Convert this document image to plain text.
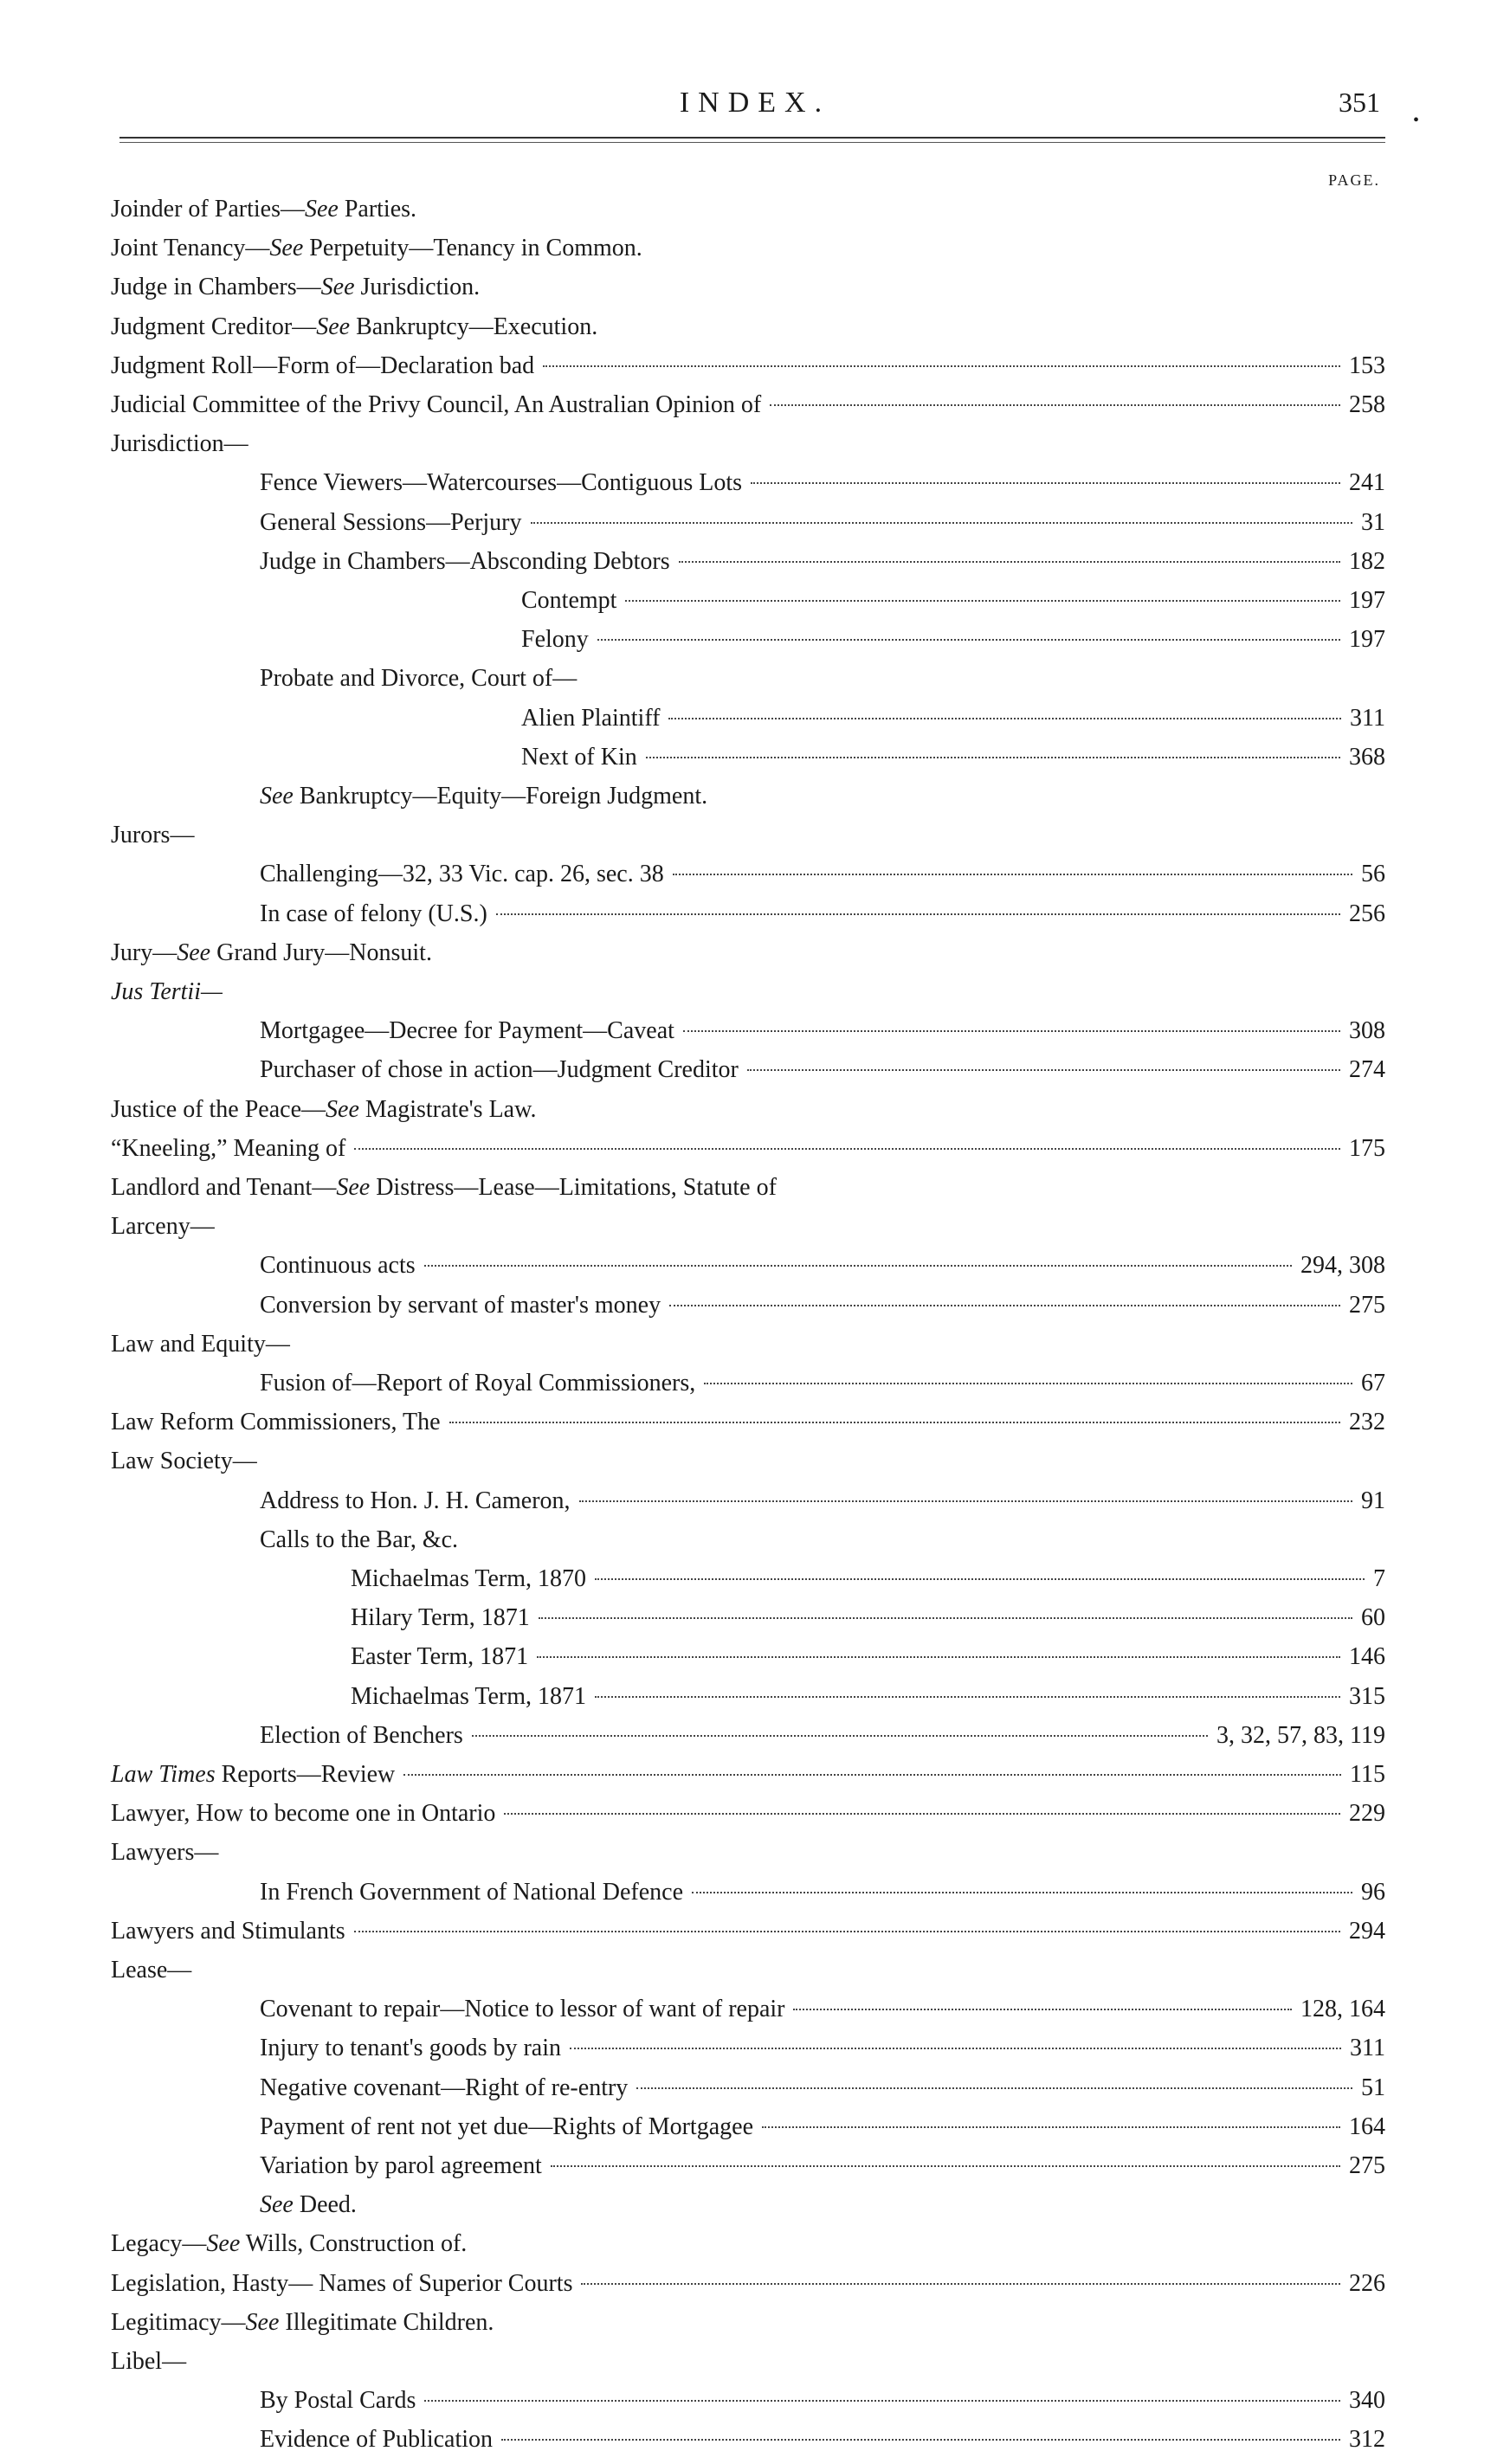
INDEX.	351
•
PAGE.
Joinder of Parties—See Parties.
Joint Tenancy—See Perpetuity—Tenancy in Common.
Judge in Chambers—See Jurisdiction.
Judgment Creditor—See Bankruptcy—Execution.
Judgment Roll—Form of—Declaration bad	153
Judicial Committee of the Privy Council, An Australian Opinion of	258
Jurisdiction—
Fence Viewers—Watercourses—Contiguous Lots	241
General Sessions—Perjury	31
Judge in Chambers—Absconding Debtors	182
Contempt	197
Felony	197
Probate and Divorce, Court of—
Alien Plaintiff	311
Next of Kin	368
See Bankruptcy—Equity—Foreign Judgment.
Jurors—
Challenging—32, 33 Vic. cap. 26, sec. 38	56
In case of felony (U.S.)	256
Jury—See Grand Jury—Nonsuit.
Jus Tertii—
Mortgagee—Decree for Payment—Caveat	308
Purchaser of chose in action—Judgment Creditor	274
Justice of the Peace—See Magistrate's Law.
“Kneeling,” Meaning of	175
Landlord and Tenant—See Distress—Lease—Limitations, Statute of
Larceny—
Continuous acts	294, 308
Conversion by servant of master's money	275
Law and Equity—
Fusion of—Report of Royal Commissioners,	67
Law Reform Commissioners, The	232
Law Society—
Address to Hon. J. H. Cameron,	91
Calls to the Bar, &c.
Michaelmas Term, 1870	7
Hilary Term, 1871	60
Easter Term, 1871	146
Michaelmas Term, 1871	315
Election of Benchers	3, 32, 57, 83, 119
Law Times Reports—Review	115
Lawyer, How to become one in Ontario	229
Lawyers—
In French Government of National Defence	96
Lawyers and Stimulants	294
Lease—
Covenant to repair—Notice to lessor of want of repair	128, 164
Injury to tenant's goods by rain	311
Negative covenant—Right of re-entry	51
Payment of rent not yet due—Rights of Mortgagee	164
Variation by parol agreement	275
See Deed.
Legacy—See Wills, Construction of.
Legislation, Hasty— Names of Superior Courts	226
Legitimacy—See Illegitimate Children.
Libel—
By Postal Cards	340
Evidence of Publication	312
